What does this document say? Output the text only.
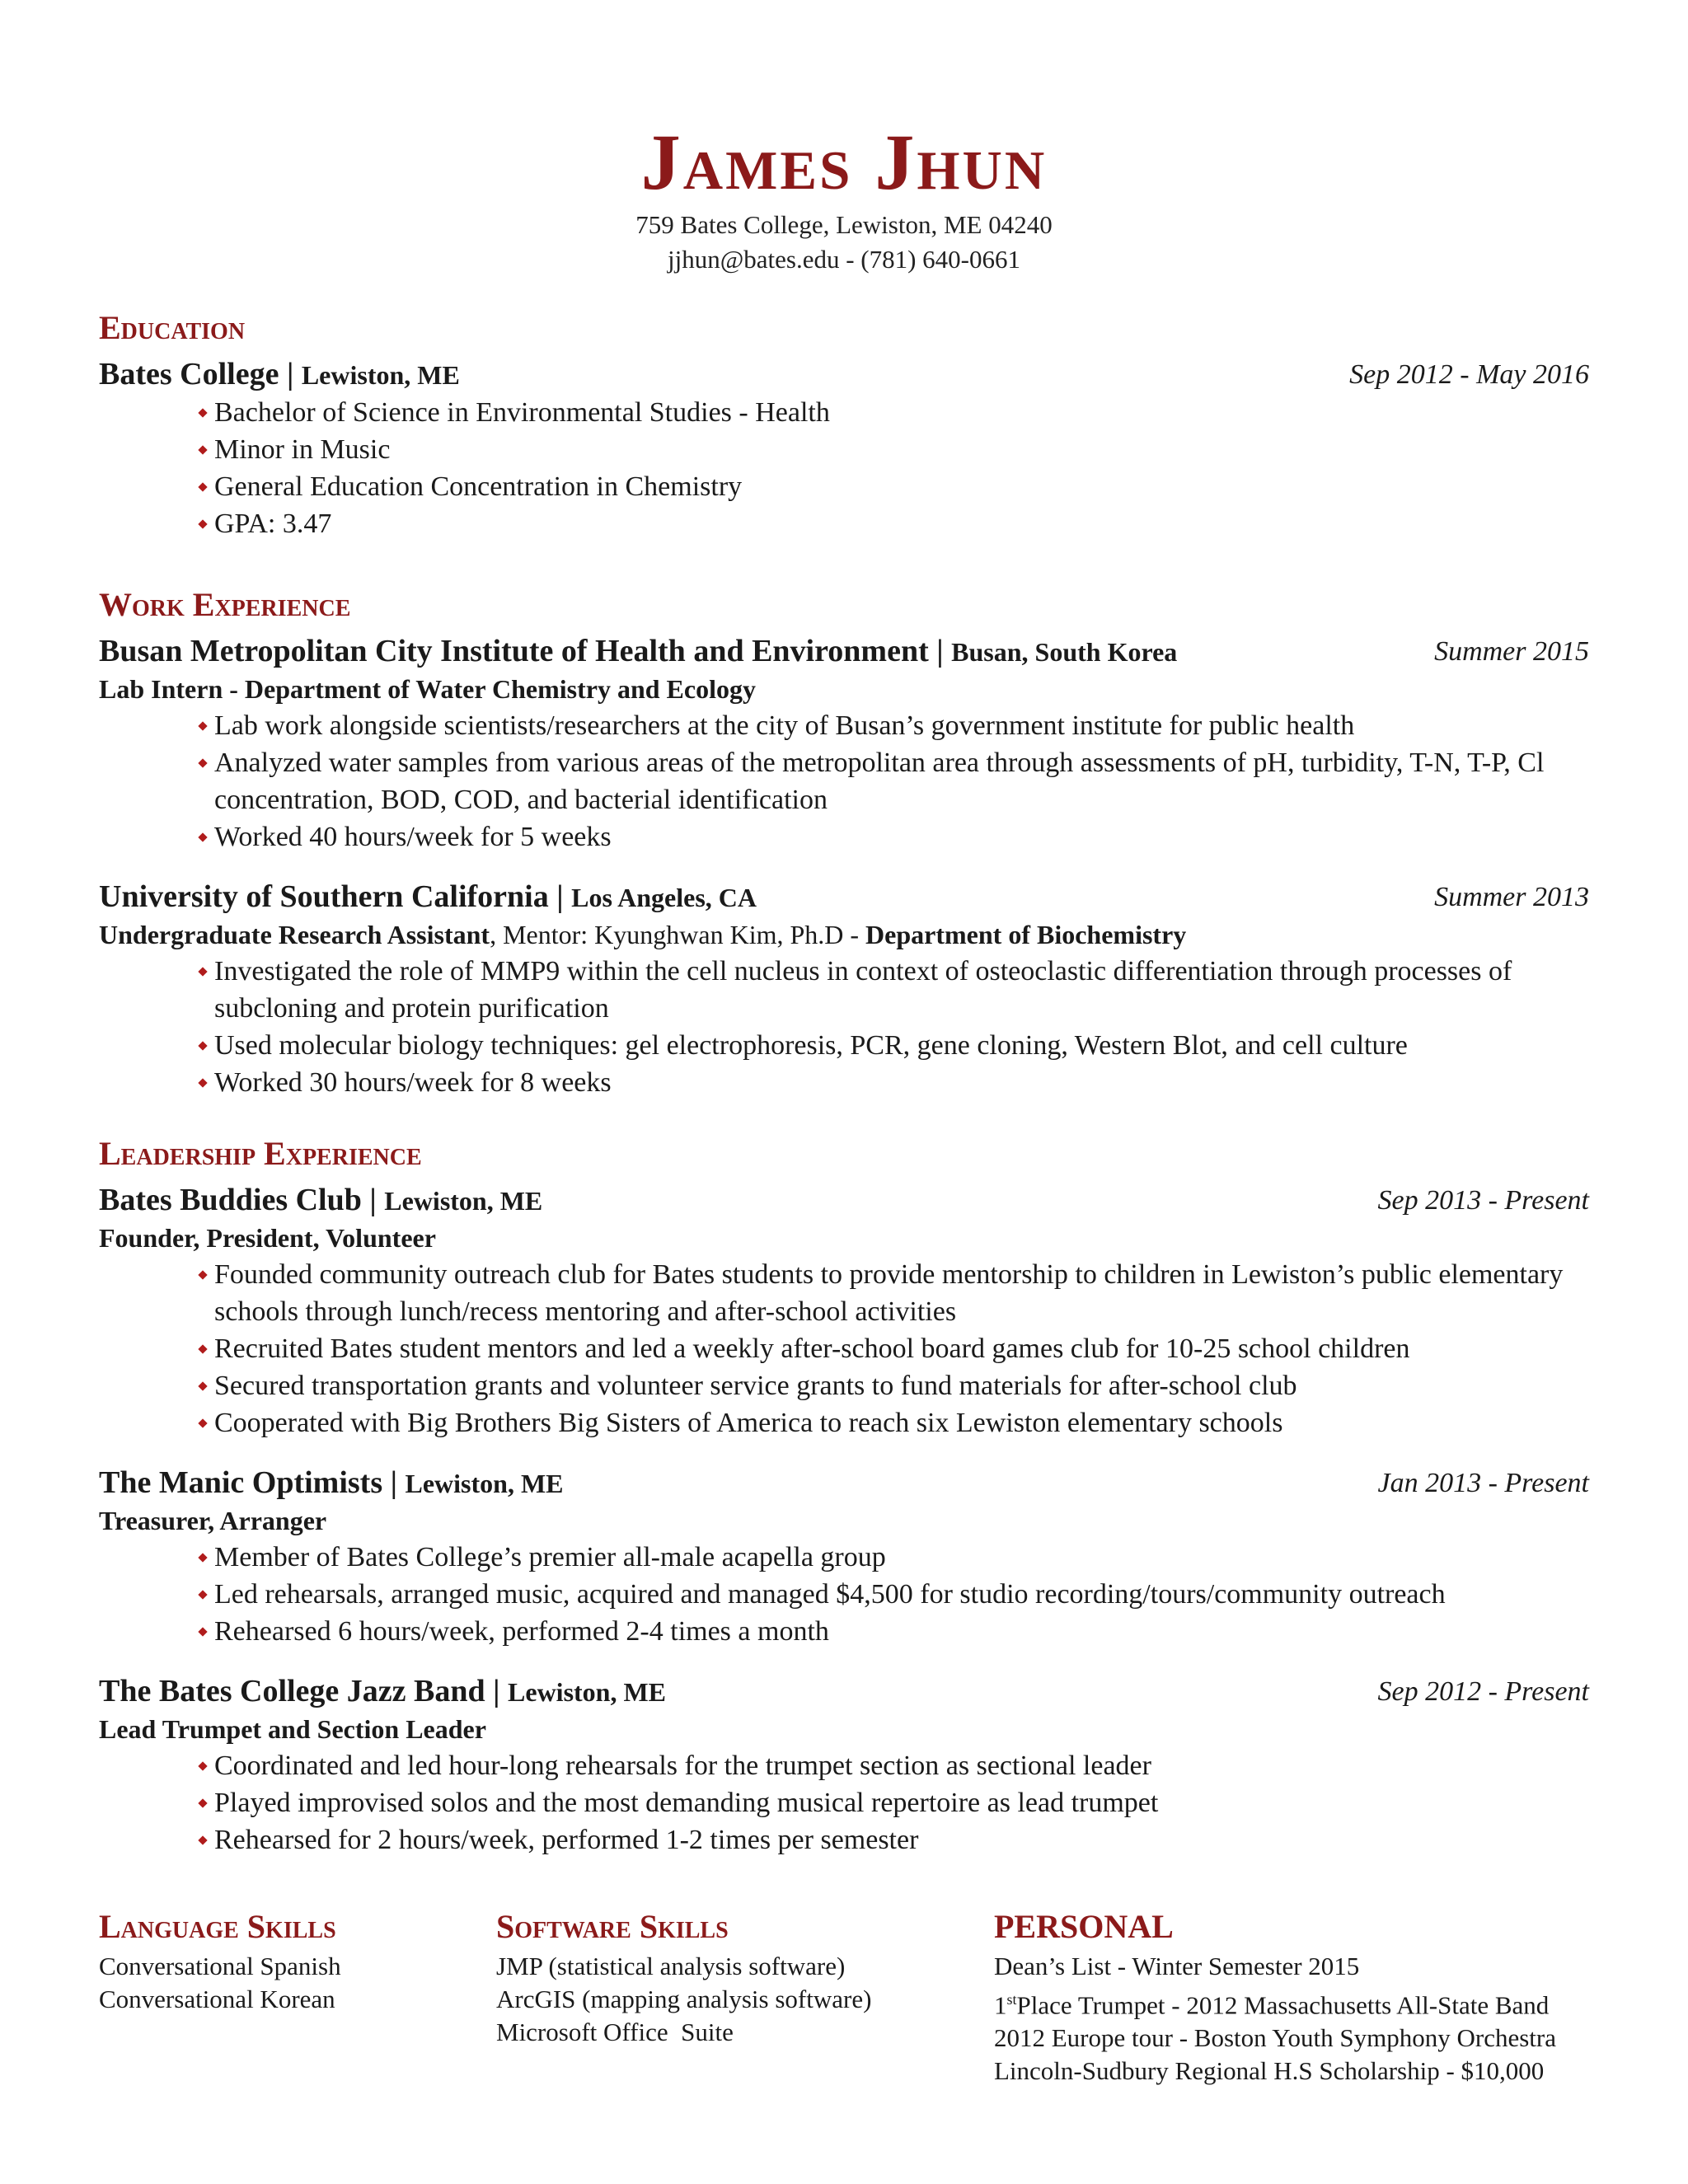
James Jhun
759 Bates College, Lewiston, ME 04240
jjhun@bates.edu - (781) 640-0661
Education
Bates College | Lewiston, ME	Sep 2012 - May 2016
Bachelor of Science in Environmental Studies - Health
Minor in Music
General Education Concentration in Chemistry
GPA: 3.47
Work Experience
Busan Metropolitan City Institute of Health and Environment | Busan, South Korea	Summer 2015
Lab Intern - Department of Water Chemistry and Ecology
Lab work alongside scientists/researchers at the city of Busan’s government institute for public health
Analyzed water samples from various areas of the metropolitan area through assessments of pH, turbidity, T-N, T-P, Cl concentration, BOD, COD, and bacterial identification
Worked 40 hours/week for 5 weeks
University of Southern California | Los Angeles, CA	Summer 2013
Undergraduate Research Assistant, Mentor: Kyunghwan Kim, Ph.D - Department of Biochemistry
Investigated the role of MMP9 within the cell nucleus in context of osteoclastic differentiation through processes of subcloning and protein purification
Used molecular biology techniques: gel electrophoresis, PCR, gene cloning, Western Blot, and cell culture
Worked 30 hours/week for 8 weeks
Leadership Experience
Bates Buddies Club | Lewiston, ME	Sep 2013 - Present
Founder, President, Volunteer
Founded community outreach club for Bates students to provide mentorship to children in Lewiston’s public elementary schools through lunch/recess mentoring and after-school activities
Recruited Bates student mentors and led a weekly after-school board games club for 10-25 school children
Secured transportation grants and volunteer service grants to fund materials for after-school club
Cooperated with Big Brothers Big Sisters of America to reach six Lewiston elementary schools
The Manic Optimists | Lewiston, ME	Jan 2013 - Present
Treasurer, Arranger
Member of Bates College’s premier all-male acapella group
Led rehearsals, arranged music, acquired and managed $4,500 for studio recording/tours/community outreach
Rehearsed 6 hours/week, performed 2-4 times a month
The Bates College Jazz Band | Lewiston, ME	Sep 2012 - Present
Lead Trumpet and Section Leader
Coordinated and led hour-long rehearsals for the trumpet section as sectional leader
Played improvised solos and the most demanding musical repertoire as lead trumpet
Rehearsed for 2 hours/week, performed 1-2 times per semester
Language Skills
Conversational Spanish
Conversational Korean
Software Skills
JMP (statistical analysis software)
ArcGIS (mapping analysis software)
Microsoft Office  Suite
PERSONAL
Dean’s List - Winter Semester 2015
1stPlace Trumpet - 2012 Massachusetts All-State Band
2012 Europe tour - Boston Youth Symphony Orchestra
Lincoln-Sudbury Regional H.S Scholarship - $10,000
